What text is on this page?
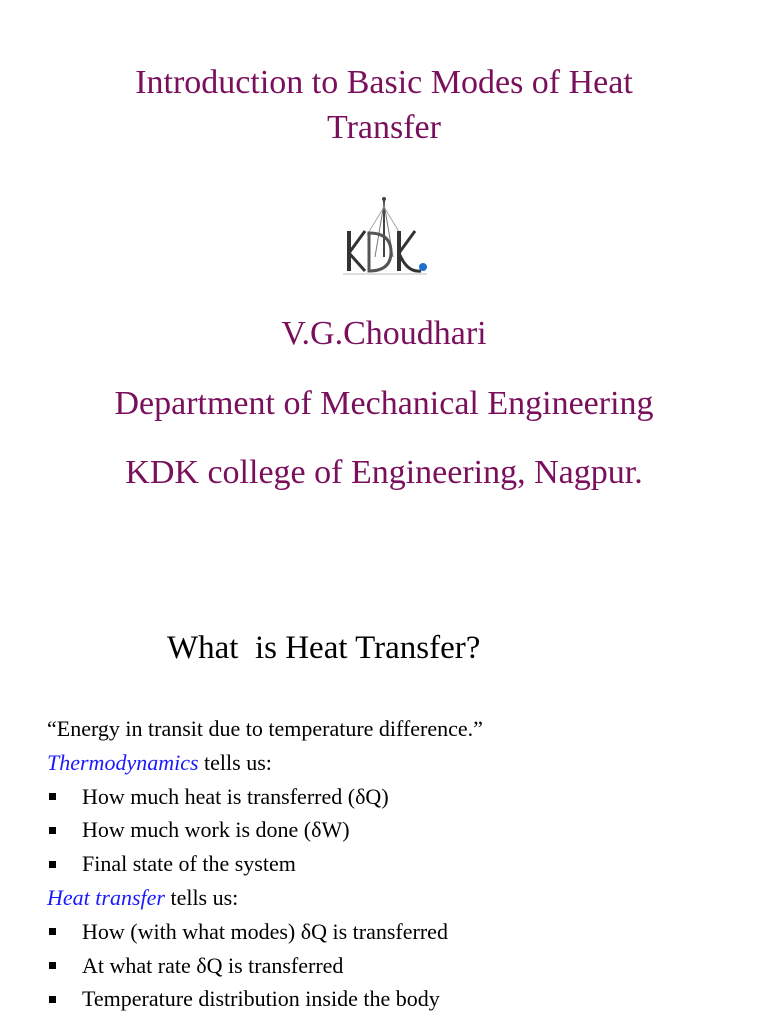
Introduction to Basic Modes of Heat
Transfer
V.G.Choudhari
Department of Mechanical Engineering
KDK college of Engineering, Nagpur.
What  is Heat Transfer?
“Energy in transit due to temperature difference.”
Thermodynamics tells us:
How much heat is transferred (δQ)
How much work is done (δW)
Final state of the system
Heat transfer tells us:
How (with what modes) δQ is transferred
At what rate δQ is transferred
Temperature distribution inside the body
